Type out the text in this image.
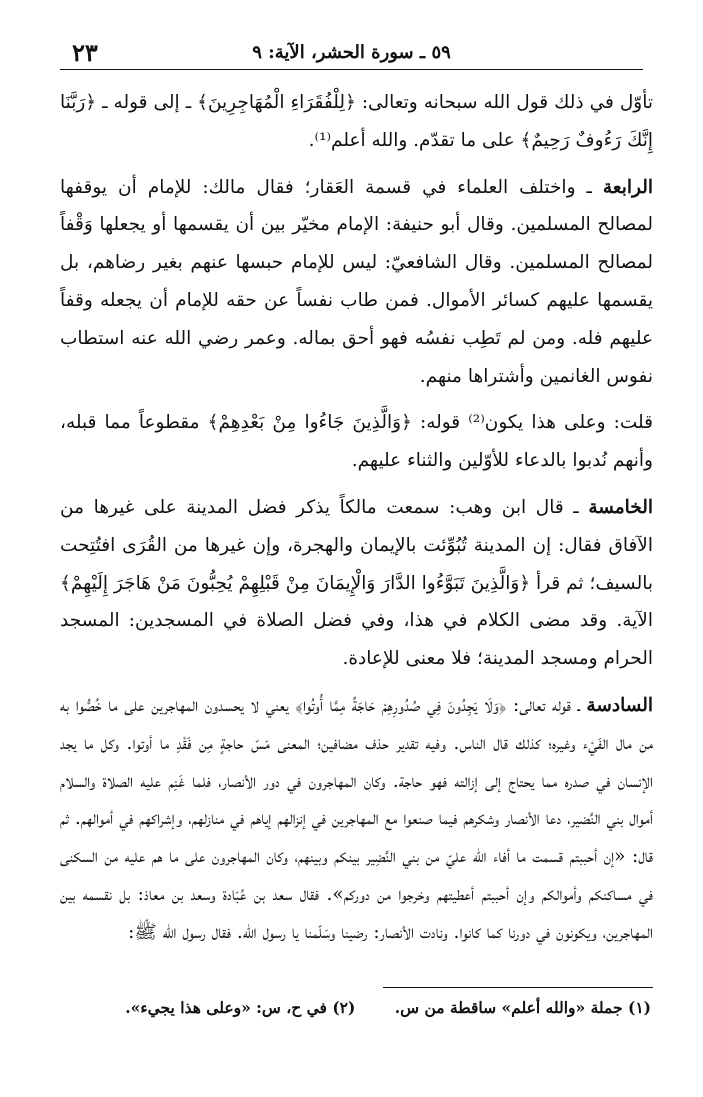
٢٣	٥٩ ـ سورة الحشر، الآية: ٩

تأوّل في ذلك قول الله سبحانه وتعالى: ﴿لِلْفُقَرَاءِ الْمُهَاجِرِينَ﴾ ـ إلى قوله ـ ﴿رَبَّنَا إِنَّكَ رَءُوفٌ رَحِيمٌ﴾ على ما تقدّم. والله أعلم⁽¹⁾.

الرابعة ـ واختلف العلماء في قسمة العَقار؛ فقال مالك: للإمام أن يوقفها لمصالح المسلمين. وقال أبو حنيفة: الإمام مخيّر بين أن يقسمها أو يجعلها وَقْفاً لمصالح المسلمين. وقال الشافعيّ: ليس للإمام حبسها عنهم بغير رضاهم، بل يقسمها عليهم كسائر الأموال. فمن طاب نفساً عن حقه للإمام أن يجعله وقفاً عليهم فله. ومن لم تَطِب نفسُه فهو أحق بماله. وعمر رضي الله عنه استطاب نفوس الغانمين وأشتراها منهم.

قلت: وعلى هذا يكون⁽²⁾ قوله: ﴿وَالَّذِينَ جَاءُوا مِنْ بَعْدِهِمْ﴾ مقطوعاً مما قبله، وأنهم نُدبوا بالدعاء للأوّلين والثناء عليهم.

الخامسة ـ قال ابن وهب: سمعت مالكاً يذكر فضل المدينة على غيرها من الآفاق فقال: إن المدينة تُبُوِّئت بالإيمان والهجرة، وإن غيرها من القُرَى افتُتِحت بالسيف؛ ثم قرأ ﴿وَالَّذِينَ تَبَوَّءُوا الدَّارَ وَالْإِيمَانَ مِنْ قَبْلِهِمْ يُحِبُّونَ مَنْ هَاجَرَ إِلَيْهِمْ﴾ الآية. وقد مضى الكلام في هذا، وفي فضل الصلاة في المسجدين: المسجد الحرام ومسجد المدينة؛ فلا معنى للإعادة.

السادسة ـ قوله تعالى: ﴿وَلَا يَجِدُونَ فِي صُدُورِهِمْ حَاجَةً مِمَّا أُوتُوا﴾ يعني لا يحسدون المهاجرين على ما خُصُّوا به من مال الفَيْء وغيره؛ كذلك قال الناس. وفيه تقدير حذف مضافين؛ المعنى مَسّ حاجةٍ مِن فَقْدِ ما أوتوا. وكل ما يجد الإنسان في صدره مما يحتاج إلى إزالته فهو حاجة. وكان المهاجرون في دور الأنصار، فلما غَنِم عليه الصلاة والسلام أموال بني النَّضير، دعا الأنصار وشكرهم فيما صنعوا مع المهاجرين في إنزالهم إياهم في منازلهم، وإشراكهم في أموالهم. ثم قال: «إن أحببتم قسمت ما أفاء الله عليّ من بني النَّضِير بينكم وبينهم، وكان المهاجرون على ما هم عليه من السكنى في مساكنكم وأموالكم وإن أحببتم أعطيتهم وخرجوا من دوركم». فقال سعد بن عُبَادة وسعد بن معاذ: بل نقسمه بين المهاجرين، ويكونون في دورنا كما كانوا. ونادت الأنصار: رضينا وسَلّمنا يا رسول الله. فقال رسول الله ﷺ:

(١) جملة «والله أعلم» ساقطة من س. (٢) في ح، س: «وعلى هذا يجيء».
